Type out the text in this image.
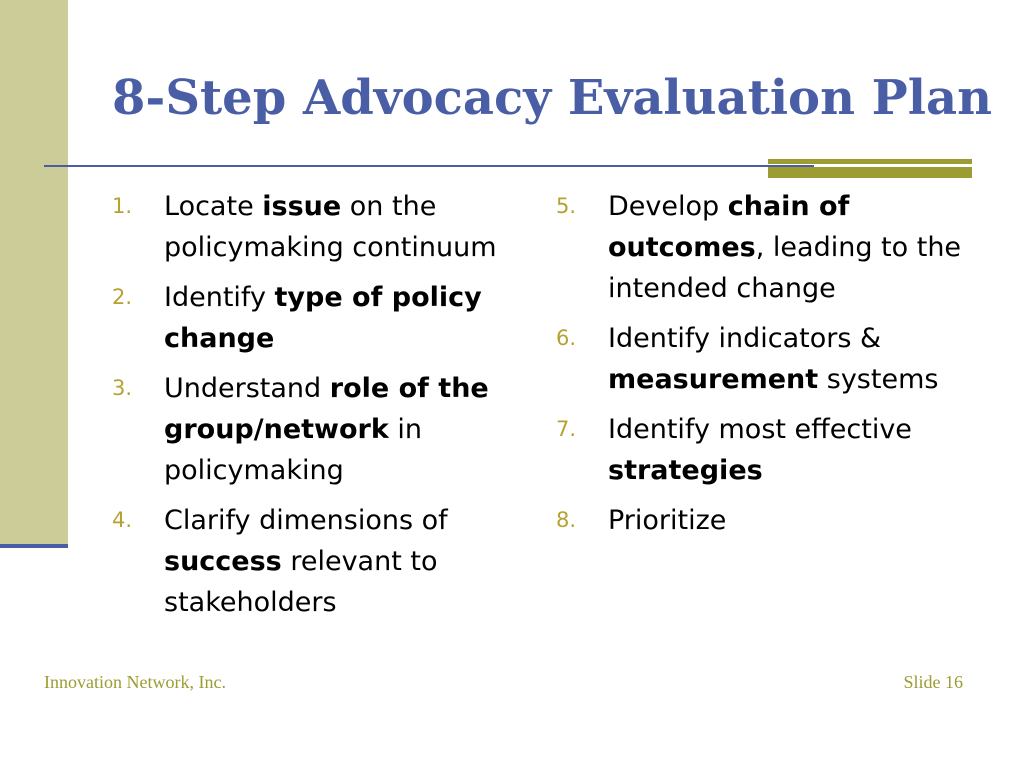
8-Step Advocacy Evaluation Plan
1.	Locate issue on the policymaking continuum
2.	Identify type of policy change
3.	Understand role of the group/network in policymaking
4.	Clarify dimensions of success relevant to stakeholders
5.	Develop chain of outcomes, leading to the intended change
6.	Identify indicators & measurement systems
7.	Identify most effective strategies
8.	Prioritize
Innovation Network, Inc.	Slide 16
